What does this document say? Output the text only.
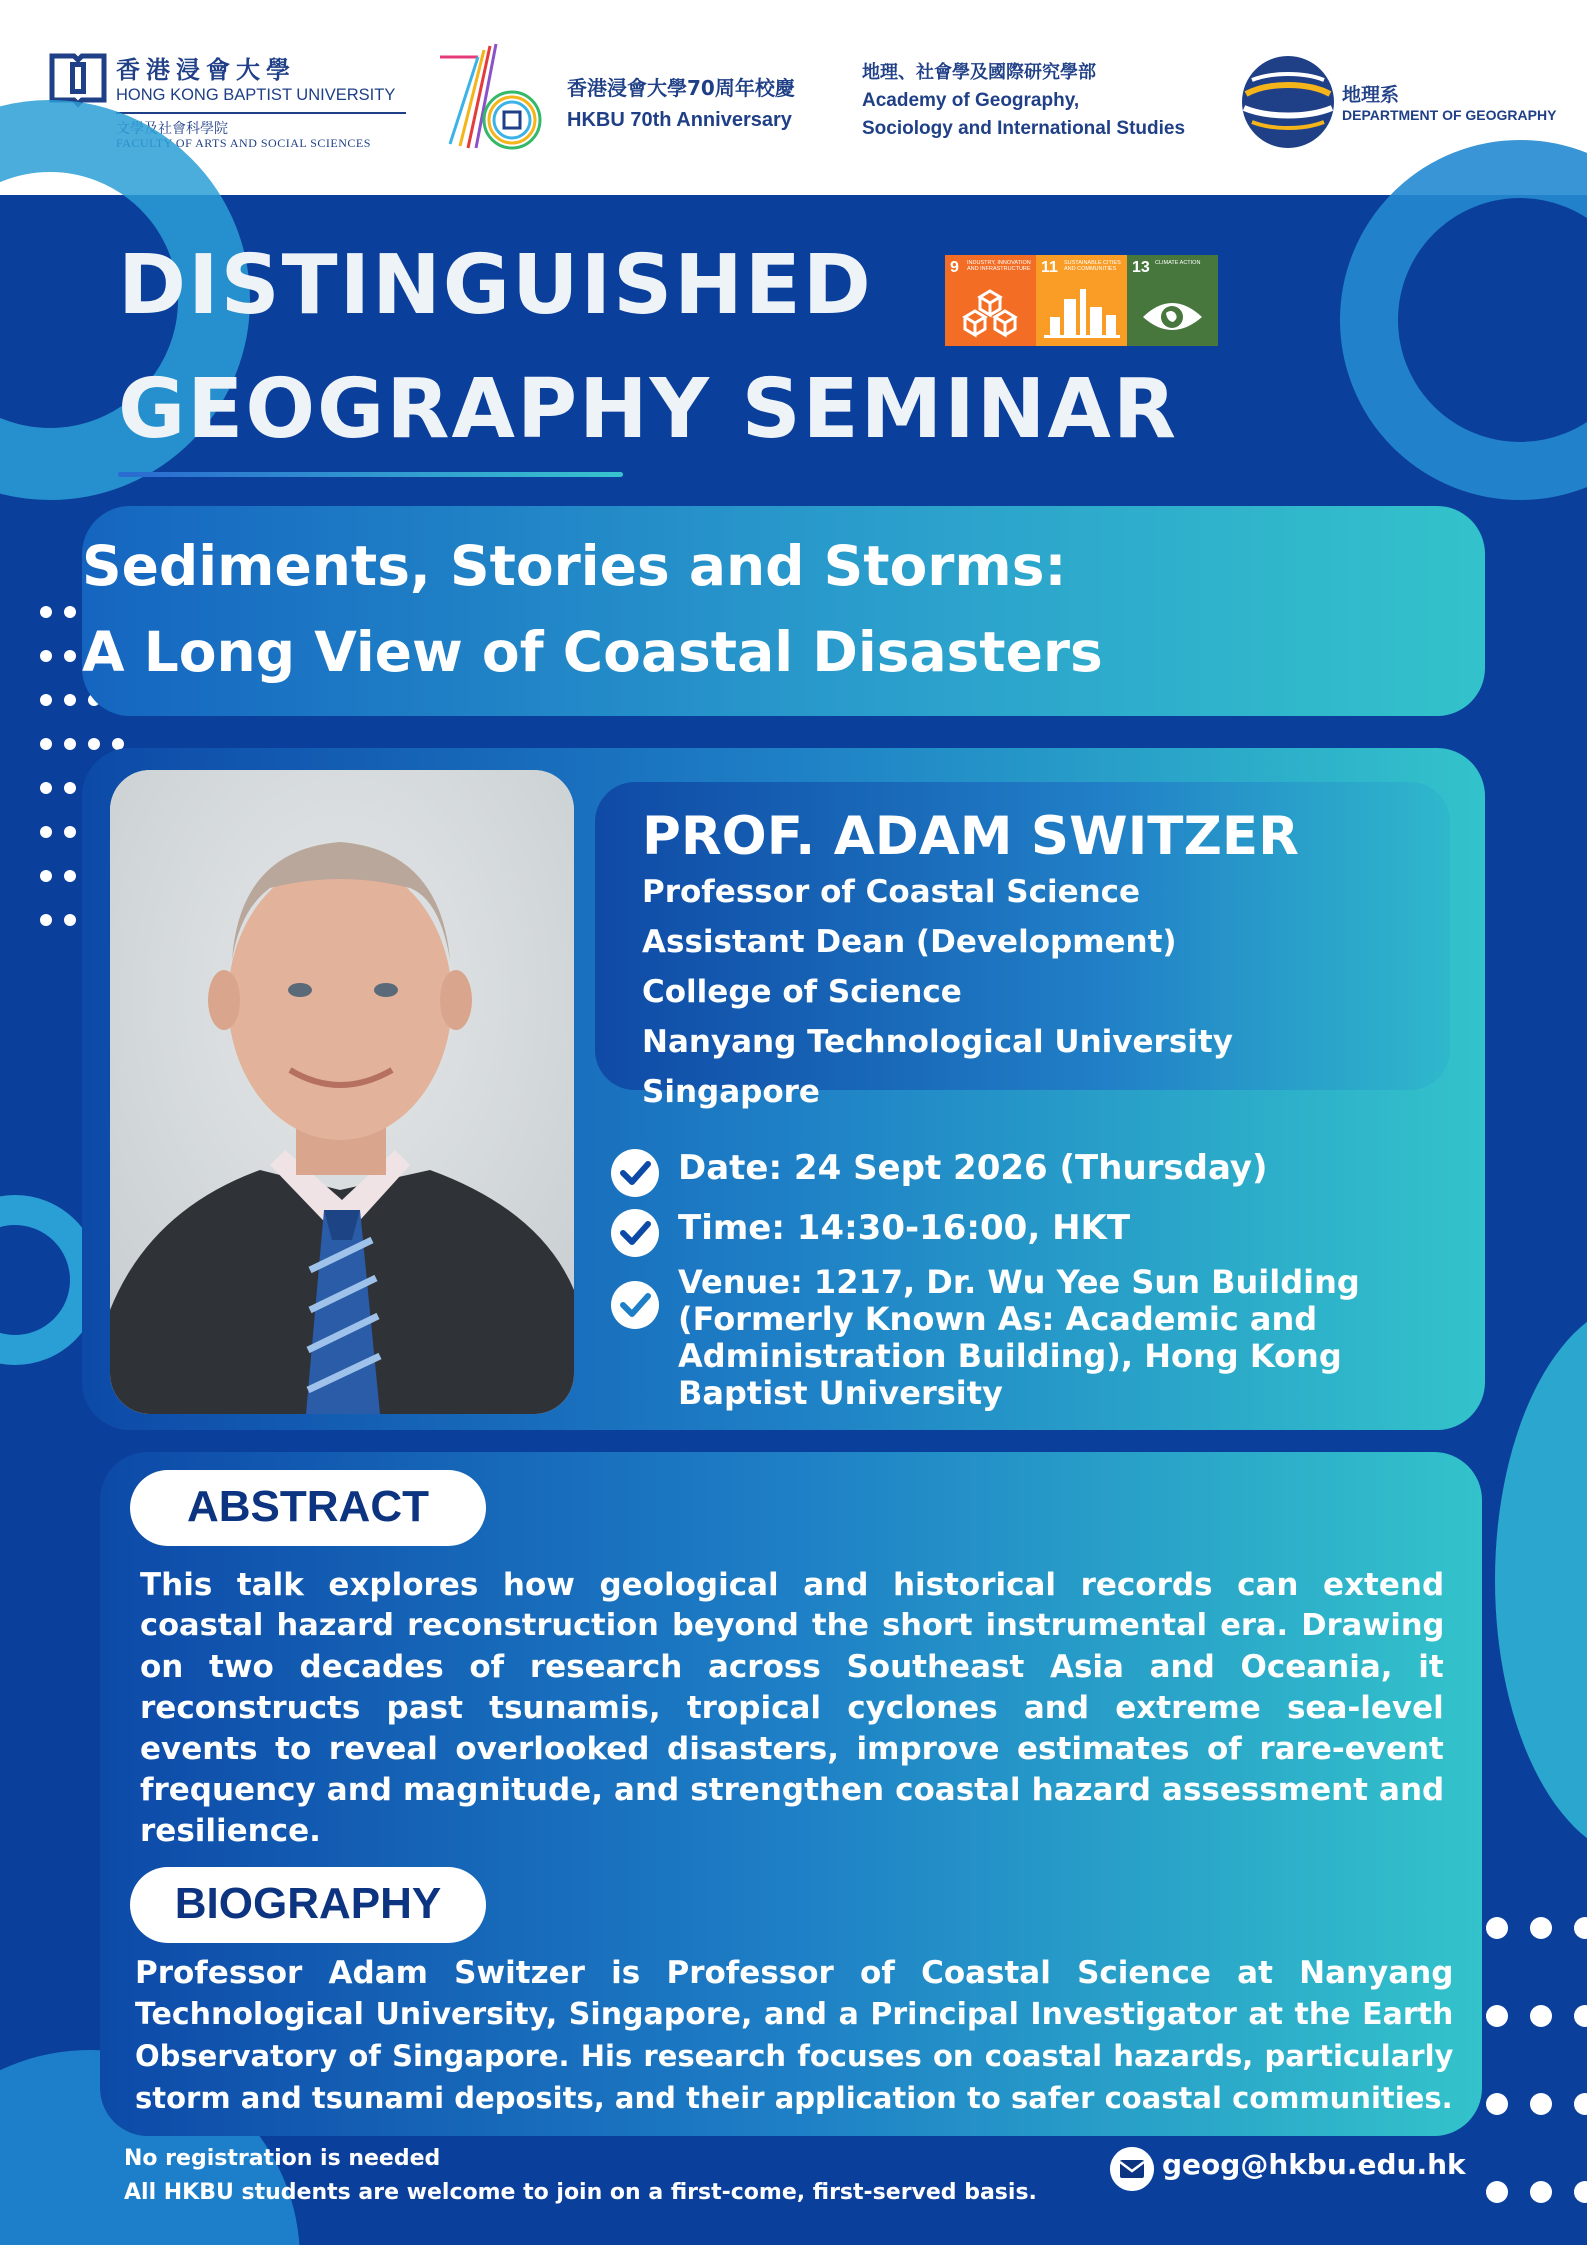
香港浸會大學
HONG KONG BAPTIST UNIVERSITY
文學及社會科學院
FACULTY OF ARTS AND SOCIAL SCIENCES
香港浸會大學70周年校慶
HKBU 70th Anniversary
地理、社會學及國際研究學部
Academy of Geography,
Sociology and International Studies
地理系
DEPARTMENT OF GEOGRAPHY
DISTINGUISHED
GEOGRAPHY SEMINAR
9 INDUSTRY, INNOVATION AND INFRASTRUCTURE 11 SUSTAINABLE CITIES AND COMMUNITIES 13 CLIMATE ACTION
Sediments, Stories and Storms:
A Long View of Coastal Disasters
PROF. ADAM SWITZER
Professor of Coastal Science
Assistant Dean (Development)
College of Science
Nanyang Technological University
Singapore
Date: 24 Sept 2026 (Thursday)
Time: 14:30-16:00, HKT
Venue: 1217, Dr. Wu Yee Sun Building
(Formerly Known As: Academic and
Administration Building), Hong Kong
Baptist University
ABSTRACT
This talk explores how geological and historical records can extend
coastal hazard reconstruction beyond the short instrumental era. Drawing
on two decades of research across Southeast Asia and Oceania, it
reconstructs past tsunamis, tropical cyclones and extreme sea-level
events to reveal overlooked disasters, improve estimates of rare-event
frequency and magnitude, and strengthen coastal hazard assessment and
resilience.
BIOGRAPHY
Professor Adam Switzer is Professor of Coastal Science at Nanyang
Technological University, Singapore, and a Principal Investigator at the Earth
Observatory of Singapore. His research focuses on coastal hazards, particularly
storm and tsunami deposits, and their application to safer coastal communities.
No registration is needed
All HKBU students are welcome to join on a first-come, first-served basis.
geog@hkbu.edu.hk
